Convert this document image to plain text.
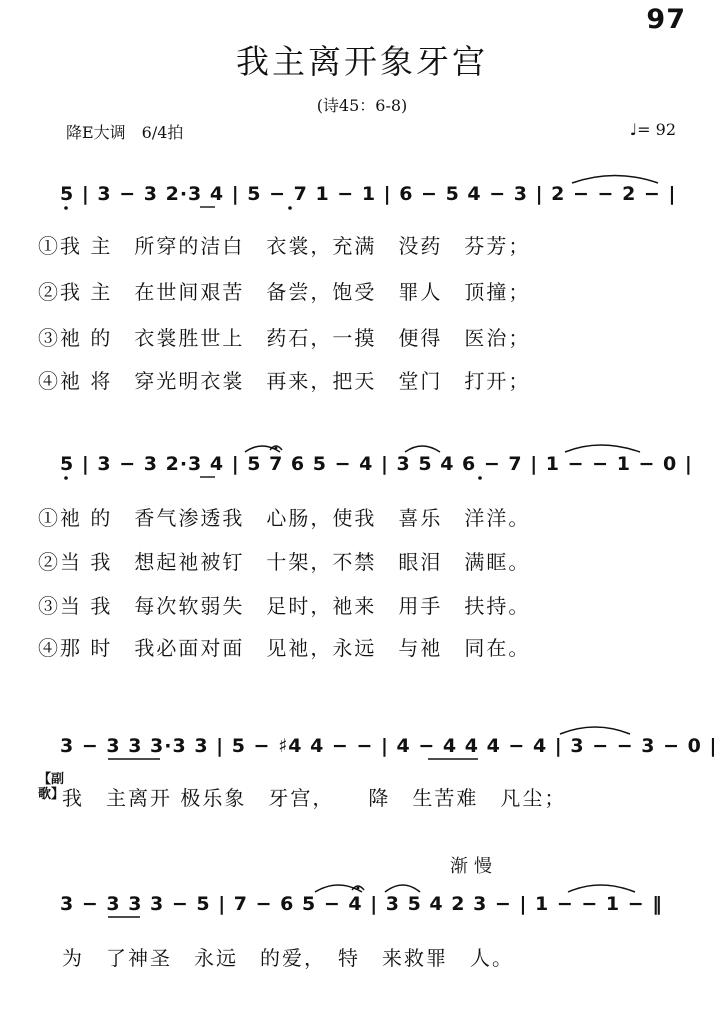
97
我主离开象牙宫
(诗45：6-8)
降E大调　6/4拍	♩= 92
5 | 3 − 3 2·3 4 | 5 − 7 1 − 1 | 6 − 5 4 − 3 | 2 − − 2 − |
①我 主　所穿的洁白　衣裳，充满　没药　芬芳；
②我 主　在世间艰苦　备尝，饱受　罪人　顶撞；
③祂 的　衣裳胜世上　药石，一摸　便得　医治；
④祂 将　穿光明衣裳　再来，把天　堂门　打开；
5 | 3 − 3 2·3 4 | 5 7 6 5 − 4 | 3 5 4 6 − 7 | 1 − − 1 − 0 |
①祂 的　香气渗透我　心肠，使我　喜乐　洋洋。
②当 我　想起祂被钉　十架，不禁　眼泪　满眶。
③当 我　每次软弱失　足时，祂来　用手　扶持。
④那 时　我必面对面　见祂，永远　与祂　同在。
3 − 3 3 3·3 3 | 5 − ♯4 4 − − | 4 − 4 4 4 − 4 | 3 − − 3 − 0 |
【副歌】
我　主离开 极乐象　牙宫，　　降　生苦难　凡尘；
渐慢
3 − 3 3 3 − 5 | 7 − 6 5 − 4 | 3 5 4 2 3 − | 1 − − 1 − ‖
为　了神圣　永远　的爱，　特　来救罪　人。
